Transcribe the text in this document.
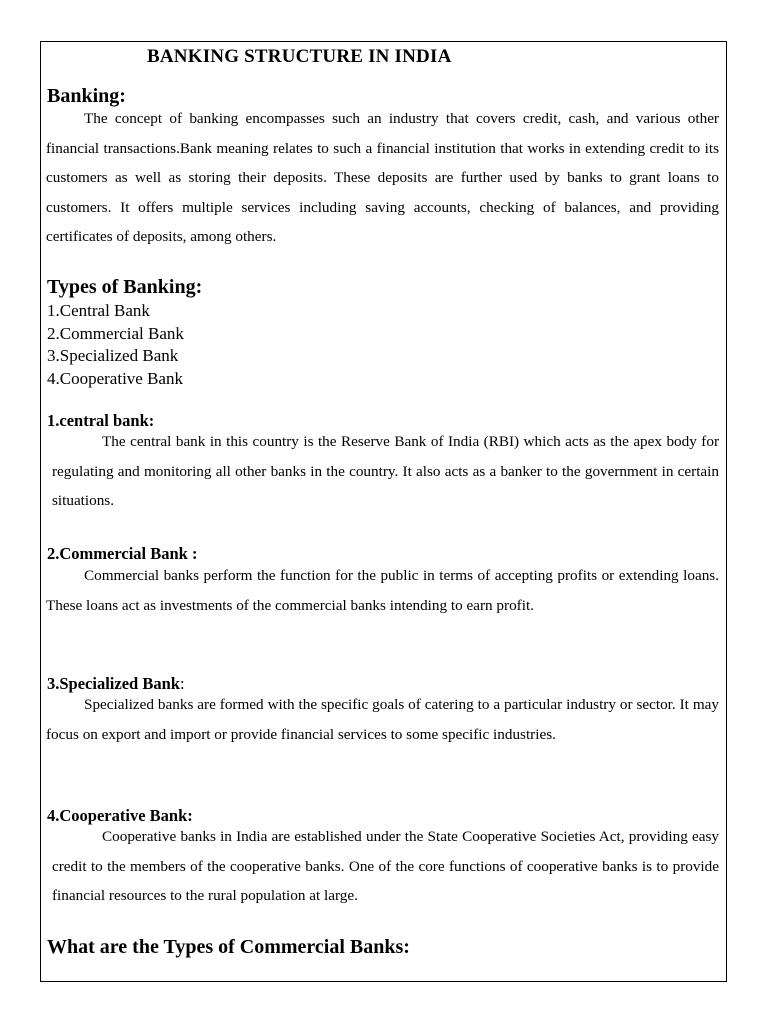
BANKING STRUCTURE IN INDIA
Banking:

The concept of banking encompasses such an industry that covers credit, cash, and various other financial transactions.Bank meaning relates to such a financial institution that works in extending credit to its customers as well as storing their deposits. These deposits are further used by banks to grant loans to customers. It offers multiple services including saving accounts, checking of balances, and providing certificates of deposits, among others.

Types of Banking:
1.Central Bank
2.Commercial Bank
3.Specialized Bank
4.Cooperative Bank
1.central bank:

The central bank in this country is the Reserve Bank of India (RBI) which acts as the apex body for regulating and monitoring all other banks in the country. It also acts as a banker to the government in certain situations.

2.Commercial Bank :

Commercial banks perform the function for the public in terms of accepting profits or extending loans. These loans act as investments of the commercial banks intending to earn profit.

3.Specialized Bank:

Specialized banks are formed with the specific goals of catering to a particular industry or sector. It may focus on export and import or provide financial services to some specific industries.

4.Cooperative Bank:

Cooperative banks in India are established under the State Cooperative Societies Act, providing easy credit to the members of the cooperative banks. One of the core functions of cooperative banks is to provide financial resources to the rural population at large.

What are the Types of Commercial Banks:
